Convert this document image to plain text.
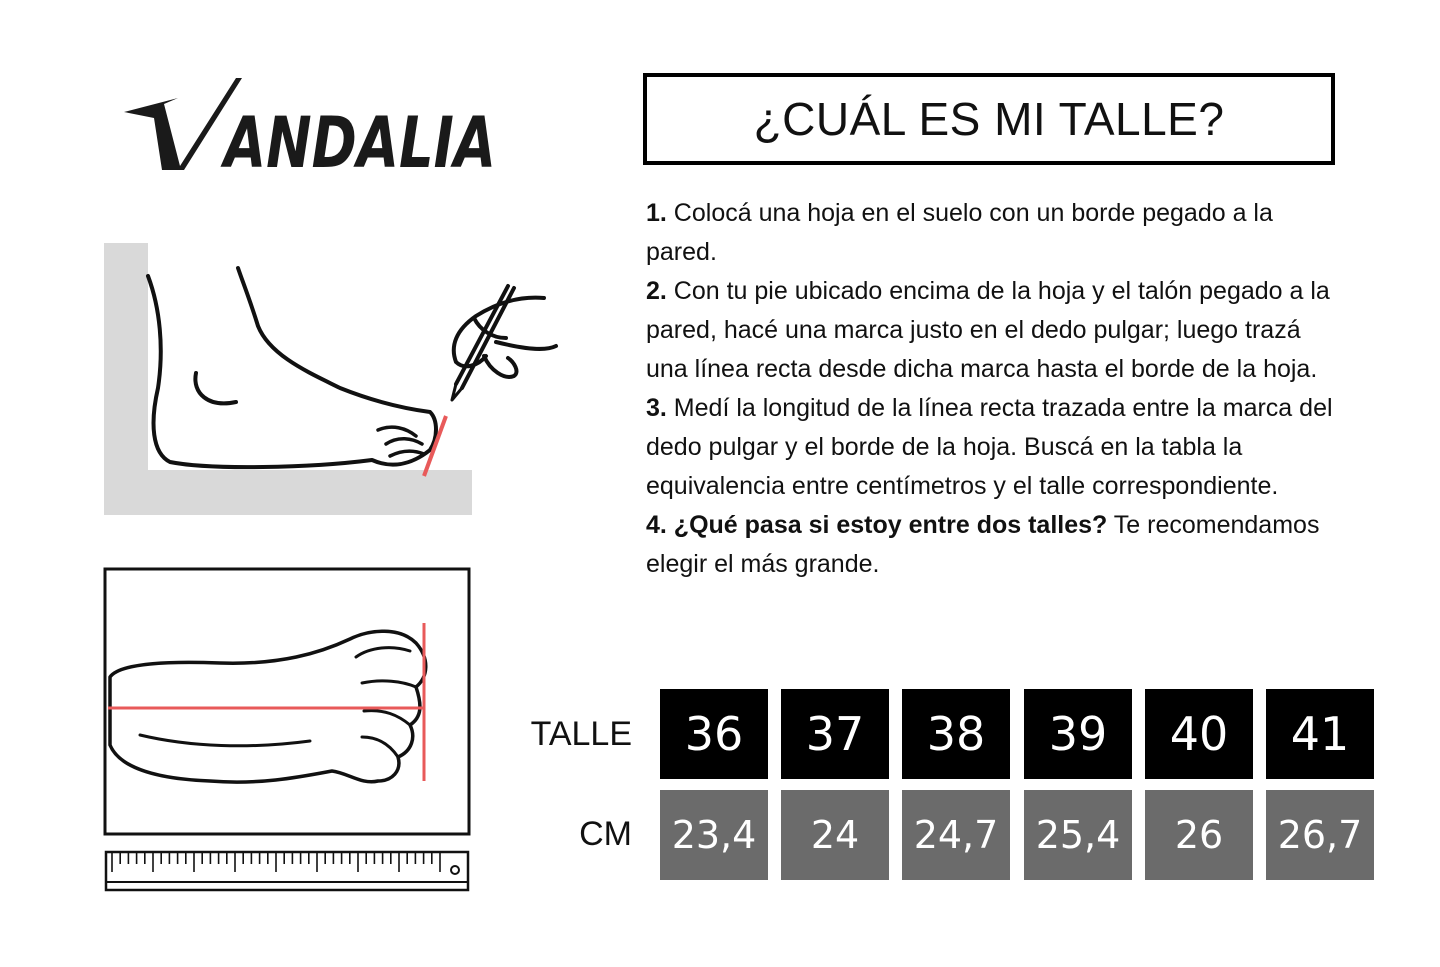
ANDALIA	¿CUÁL ES MI TALLE?

1. Colocá una hoja en el suelo con un borde pegado a la pared.

2. Con tu pie ubicado encima de la hoja y el talón pegado a la pared, hacé una marca justo en el dedo pulgar; luego trazá una línea recta desde dicha marca hasta el borde de la hoja.

3. Medí la longitud de la línea recta trazada entre la marca del dedo pulgar y el borde de la hoja. Buscá en la tabla la equivalencia entre centímetros y el talle correspondiente.

4. ¿Qué pasa si estoy entre dos talles? Te recomendamos elegir el más grande.

TALLE
CM
36	37	38	39	40	41
23,4	24	24,7 25,4	26	26,7
